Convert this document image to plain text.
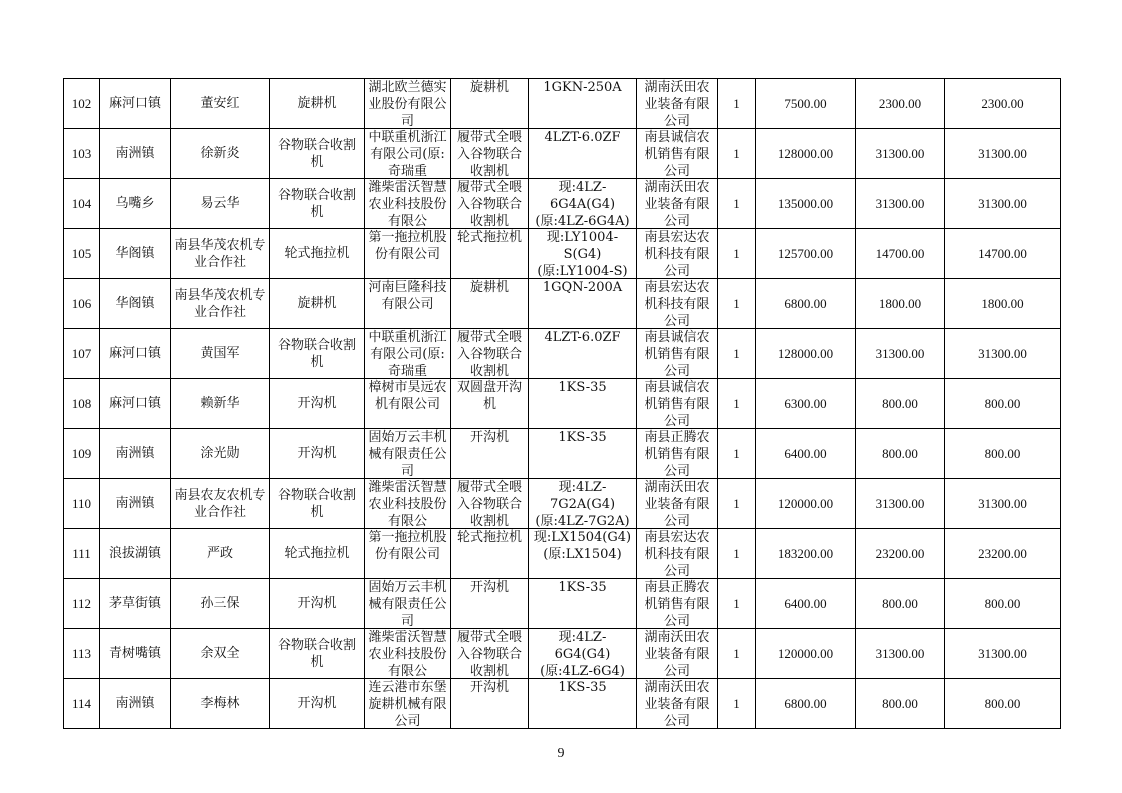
102	麻河口镇	董安红	旋耕机	湖北欧兰德实业股份有限公司	旋耕机	1GKN-250A	湖南沃田农业装备有限公司	1	7500.00	2300.00	2300.00
103	南洲镇	徐新炎	谷物联合收割机	中联重机浙江有限公司(原:奇瑞重	履带式全喂入谷物联合收割机	4LZT-6.0ZF	南县诚信农机销售有限公司	1	128000.00	31300.00	31300.00
104	乌嘴乡	易云华	谷物联合收割机	潍柴雷沃智慧农业科技股份有限公	履带式全喂入谷物联合收割机	现:4LZ-6G4A(G4)(原:4LZ-6G4A)	湖南沃田农业装备有限公司	1	135000.00	31300.00	31300.00
105	华阁镇	南县华茂农机专业合作社	轮式拖拉机	第一拖拉机股份有限公司	轮式拖拉机	现:LY1004-S(G4)(原:LY1004-S)	南县宏达农机科技有限公司	1	125700.00	14700.00	14700.00
106	华阁镇	南县华茂农机专业合作社	旋耕机	河南巨隆科技有限公司	旋耕机	1GQN-200A	南县宏达农机科技有限公司	1	6800.00	1800.00	1800.00
107	麻河口镇	黄国军	谷物联合收割机	中联重机浙江有限公司(原:奇瑞重	履带式全喂入谷物联合收割机	4LZT-6.0ZF	南县诚信农机销售有限公司	1	128000.00	31300.00	31300.00
108	麻河口镇	赖新华	开沟机	樟树市昊远农机有限公司	双圆盘开沟机	1KS-35	南县诚信农机销售有限公司	1	6300.00	800.00	800.00
109	南洲镇	涂光勋	开沟机	固始万云丰机械有限责任公司	开沟机	1KS-35	南县正腾农机销售有限公司	1	6400.00	800.00	800.00
110	南洲镇	南县农友农机专业合作社	谷物联合收割机	潍柴雷沃智慧农业科技股份有限公	履带式全喂入谷物联合收割机	现:4LZ-7G2A(G4)(原:4LZ-7G2A)	湖南沃田农业装备有限公司	1	120000.00	31300.00	31300.00
111	浪拔湖镇	严政	轮式拖拉机	第一拖拉机股份有限公司	轮式拖拉机	现:LX1504(G4)(原:LX1504)	南县宏达农机科技有限公司	1	183200.00	23200.00	23200.00
112	茅草街镇	孙三保	开沟机	固始万云丰机械有限责任公司	开沟机	1KS-35	南县正腾农机销售有限公司	1	6400.00	800.00	800.00
113	青树嘴镇	余双全	谷物联合收割机	潍柴雷沃智慧农业科技股份有限公	履带式全喂入谷物联合收割机	现:4LZ-6G4(G4)(原:4LZ-6G4)	湖南沃田农业装备有限公司	1	120000.00	31300.00	31300.00
114	南洲镇	李梅林	开沟机	连云港市东堡旋耕机械有限公司	开沟机	1KS-35	湖南沃田农业装备有限公司	1	6800.00	800.00	800.00
9
